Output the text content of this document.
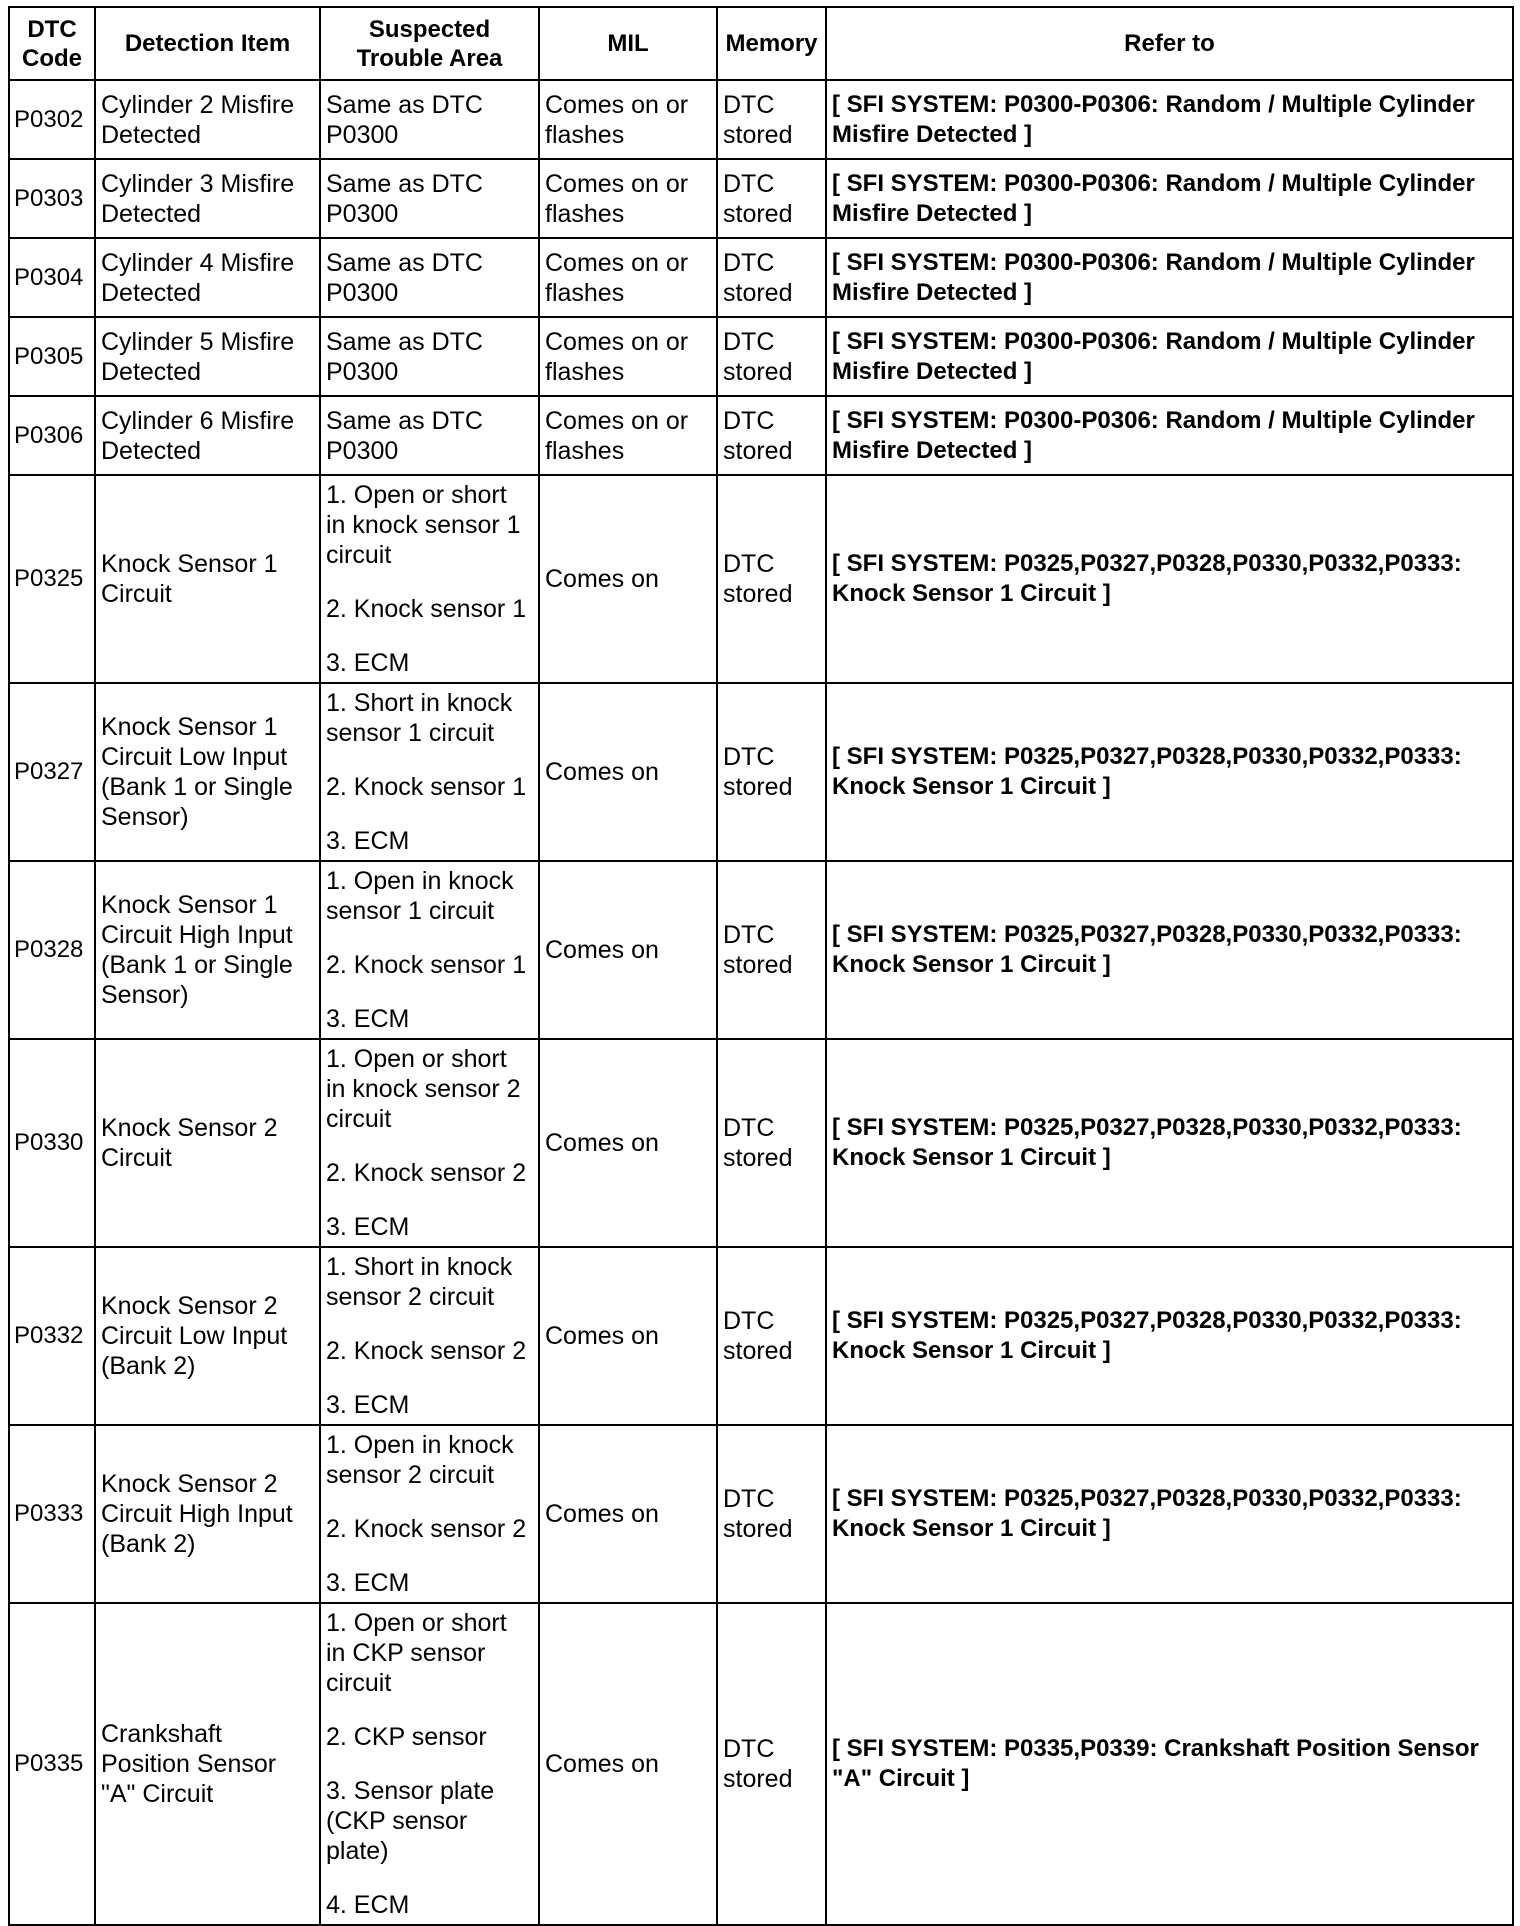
DTC Code	Detection Item	Suspected Trouble Area	MIL	Memory	Refer to
P0302	Cylinder 2 Misfire Detected	Same as DTC P0300	Comes on or flashes	DTC stored	[ SFI SYSTEM: P0300-P0306: Random / Multiple Cylinder Misfire Detected ]
P0303	Cylinder 3 Misfire Detected	Same as DTC P0300	Comes on or flashes	DTC stored	[ SFI SYSTEM: P0300-P0306: Random / Multiple Cylinder Misfire Detected ]
P0304	Cylinder 4 Misfire Detected	Same as DTC P0300	Comes on or flashes	DTC stored	[ SFI SYSTEM: P0300-P0306: Random / Multiple Cylinder Misfire Detected ]
P0305	Cylinder 5 Misfire Detected	Same as DTC P0300	Comes on or flashes	DTC stored	[ SFI SYSTEM: P0300-P0306: Random / Multiple Cylinder Misfire Detected ]
P0306	Cylinder 6 Misfire Detected	Same as DTC P0300	Comes on or flashes	DTC stored	[ SFI SYSTEM: P0300-P0306: Random / Multiple Cylinder Misfire Detected ]
P0325	Knock Sensor 1 Circuit	1. Open or short in knock sensor 1 circuit
2. Knock sensor 1
3. ECM	Comes on	DTC stored	[ SFI SYSTEM: P0325,P0327,P0328,P0330,P0332,P0333: Knock Sensor 1 Circuit ]
P0327	Knock Sensor 1 Circuit Low Input (Bank 1 or Single Sensor)	1. Short in knock sensor 1 circuit
2. Knock sensor 1
3. ECM	Comes on	DTC stored	[ SFI SYSTEM: P0325,P0327,P0328,P0330,P0332,P0333: Knock Sensor 1 Circuit ]
P0328	Knock Sensor 1 Circuit High Input (Bank 1 or Single Sensor)	1. Open in knock sensor 1 circuit
2. Knock sensor 1
3. ECM	Comes on	DTC stored	[ SFI SYSTEM: P0325,P0327,P0328,P0330,P0332,P0333: Knock Sensor 1 Circuit ]
P0330	Knock Sensor 2 Circuit	1. Open or short in knock sensor 2 circuit
2. Knock sensor 2
3. ECM	Comes on	DTC stored	[ SFI SYSTEM: P0325,P0327,P0328,P0330,P0332,P0333: Knock Sensor 1 Circuit ]
P0332	Knock Sensor 2 Circuit Low Input (Bank 2)	1. Short in knock sensor 2 circuit
2. Knock sensor 2
3. ECM	Comes on	DTC stored	[ SFI SYSTEM: P0325,P0327,P0328,P0330,P0332,P0333: Knock Sensor 1 Circuit ]
P0333	Knock Sensor 2 Circuit High Input (Bank 2)	1. Open in knock sensor 2 circuit
2. Knock sensor 2
3. ECM	Comes on	DTC stored	[ SFI SYSTEM: P0325,P0327,P0328,P0330,P0332,P0333: Knock Sensor 1 Circuit ]
P0335	Crankshaft Position Sensor "A" Circuit	1. Open or short in CKP sensor circuit
2. CKP sensor
3. Sensor plate (CKP sensor plate)
4. ECM	Comes on	DTC stored	[ SFI SYSTEM: P0335,P0339: Crankshaft Position Sensor "A" Circuit ]
